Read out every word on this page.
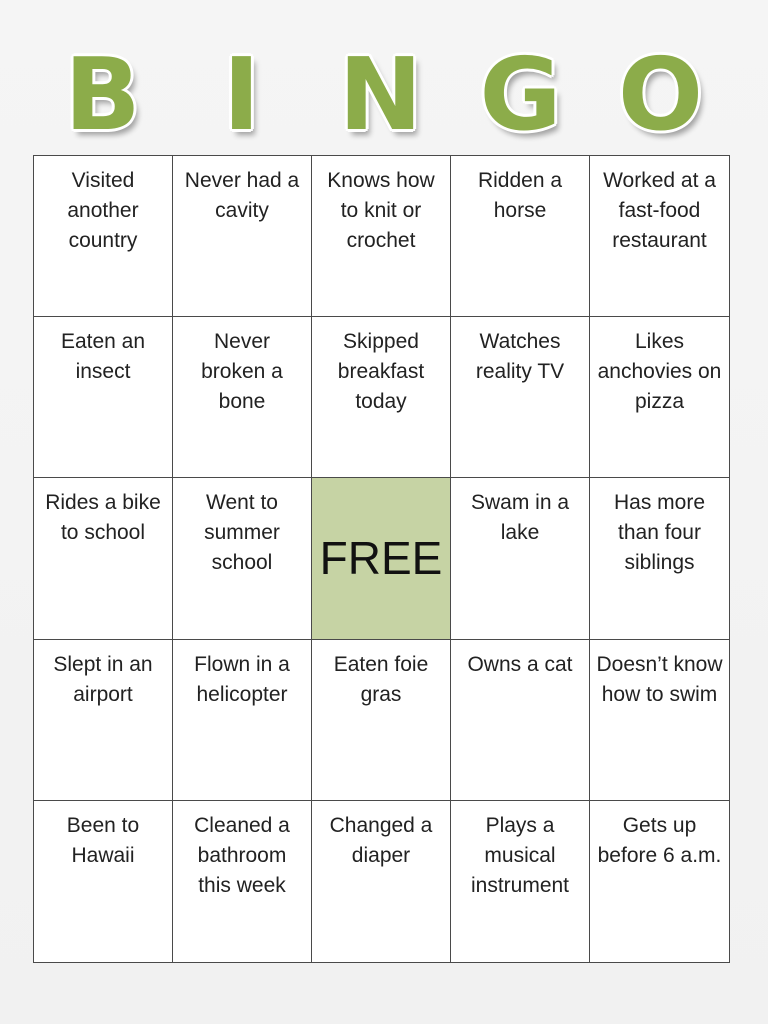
B I N G O
Visited another country
Never had a cavity
Knows how to knit or crochet
Ridden a horse
Worked at a fast-food restaurant
Eaten an insect
Never broken a bone
Skipped breakfast today
Watches reality TV
Likes anchovies on pizza
Rides a bike to school
Went to summer school	FREE
Swam in a lake
Has more than four siblings
Slept in an airport
Flown in a helicopter
Eaten foie gras
Owns a cat	Doesn’t know how to swim
Been to Hawaii
Cleaned a bathroom this week
Changed a diaper
Plays a musical instrument
Gets up before 6 a.m.
